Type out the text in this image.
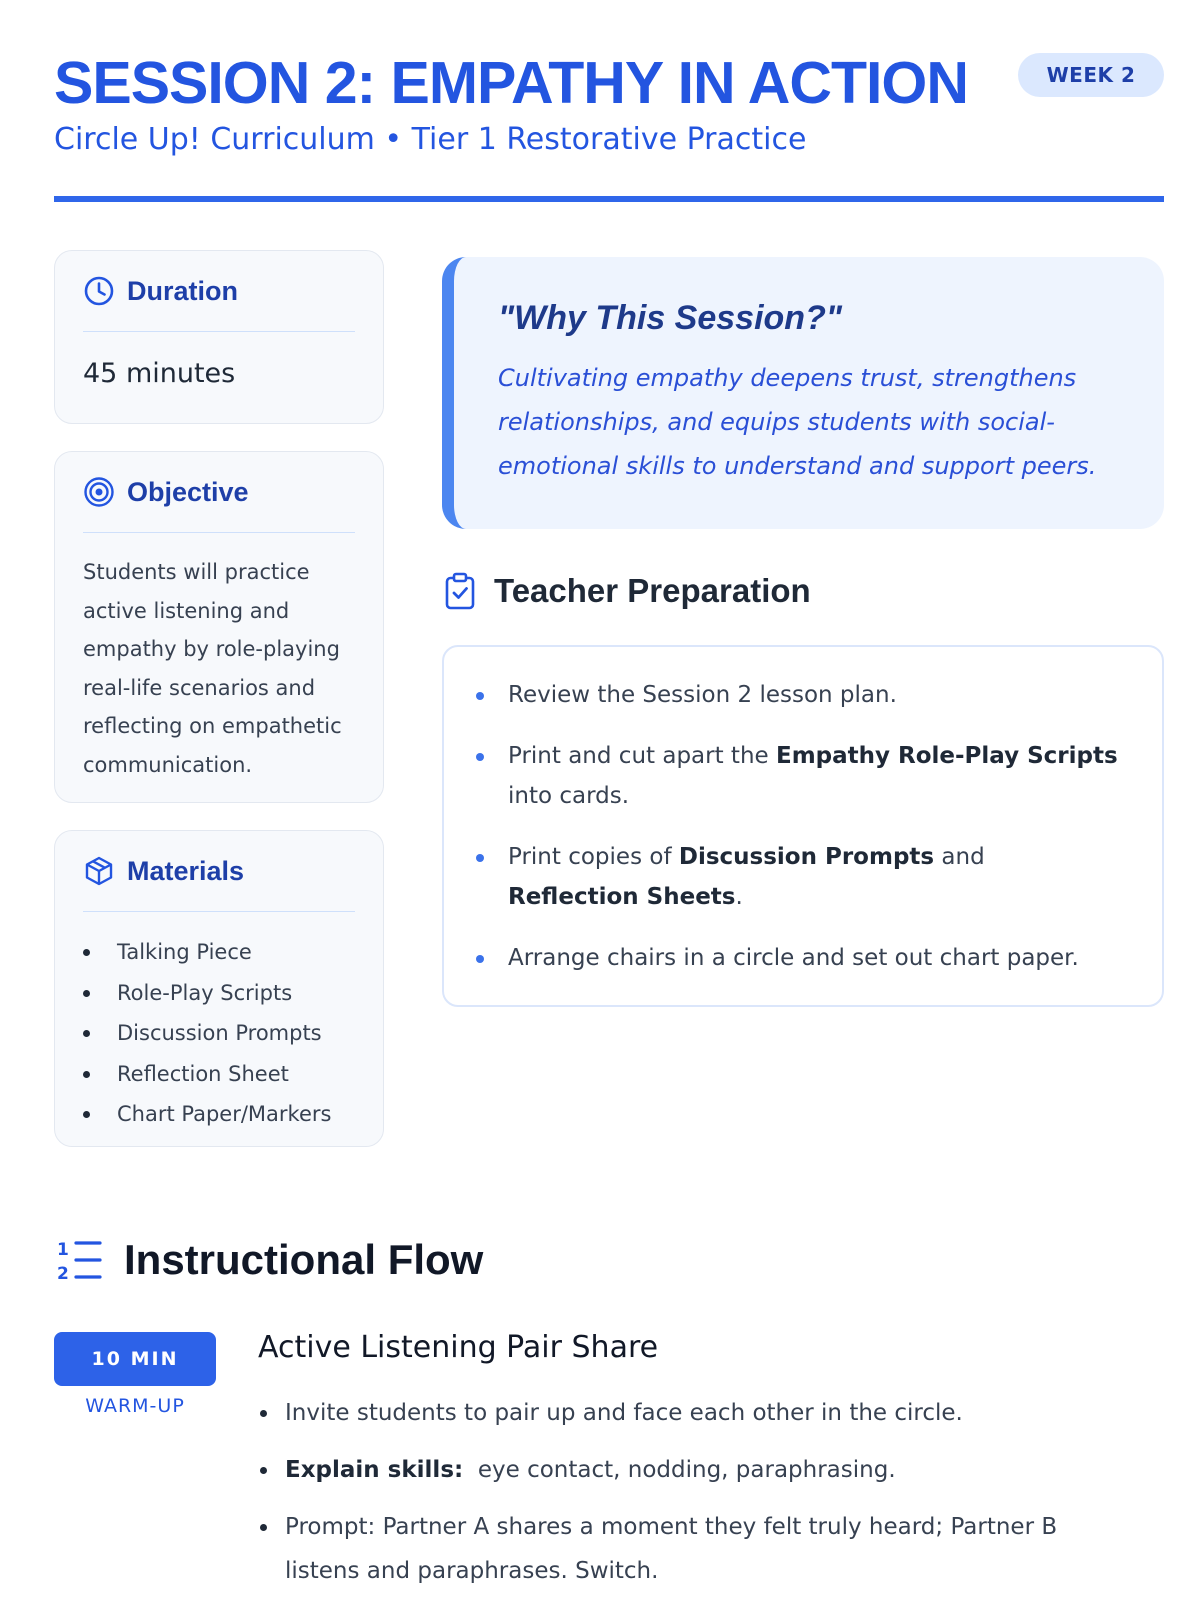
SESSION 2: EMPATHY IN ACTION
Circle Up! Curriculum • Tier 1 Restorative Practice
WEEK 2
Duration
45 minutes
Objective
Students will practice active listening and empathy by role-playing real-life scenarios and reflecting on empathetic communication.
Materials
Talking Piece
Role-Play Scripts
Discussion Prompts
Reflection Sheet
Chart Paper/Markers
"Why This Session?"
Cultivating empathy deepens trust, strengthens relationships, and equips students with social-emotional skills to understand and support peers.
Teacher Preparation
Review the Session 2 lesson plan.
Print and cut apart the Empathy Role-Play Scripts into cards.
Print copies of Discussion Prompts and Reflection Sheets.
Arrange chairs in a circle and set out chart paper.
1
2 Instructional Flow
10 MIN
WARM-UP
Active Listening Pair Share
Invite students to pair up and face each other in the circle.
Explain skills:  eye contact, nodding, paraphrasing.
Prompt: Partner A shares a moment they felt truly heard; Partner B listens and paraphrases. Switch.
